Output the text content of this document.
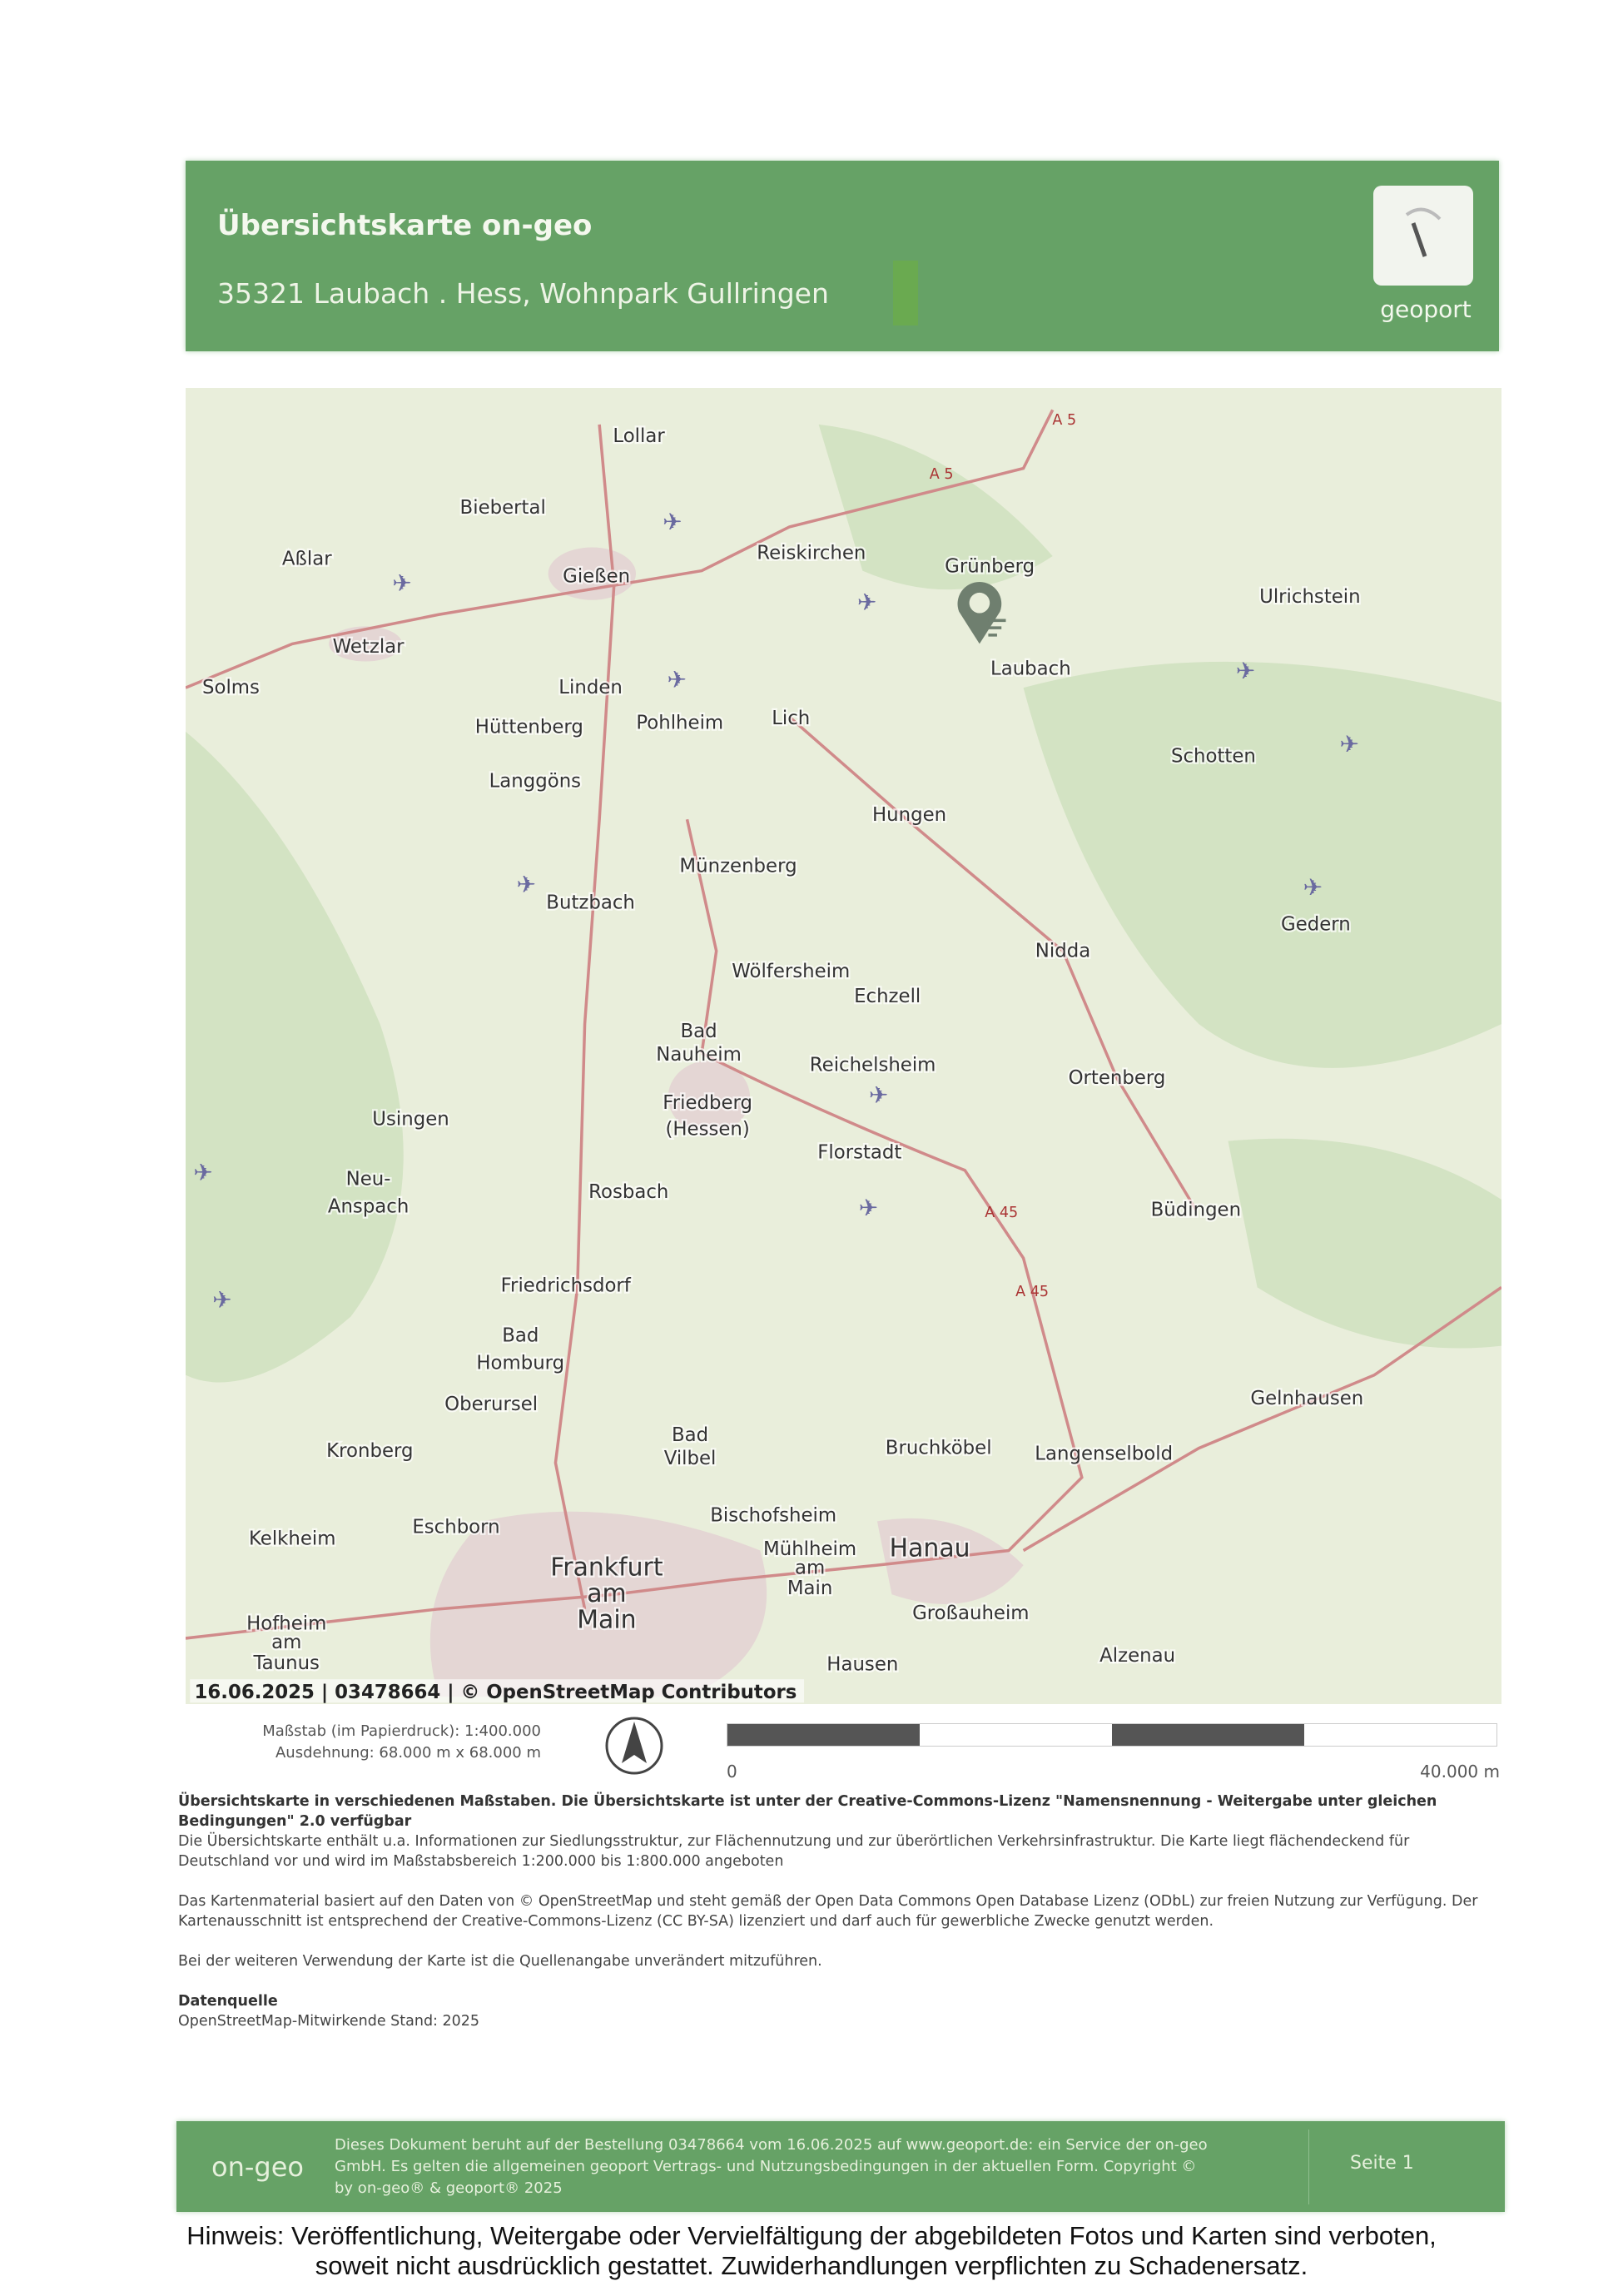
Übersichtskarte on-geo
35321 Laubach . Hess, Wohnpark Gullringen	geoport
A 5
A 5
A 45
A 45
✈
✈
✈
✈	✈
✈
✈	✈
✈
✈
✈
✈
Biebertal
Aßlar
Gießen
Reiskirchen
Grünberg
Ulrichstein
Wetzlar
Solms	Linden
Laubach
Hüttenberg	Pohlheim	Lich
Schotten
Langgöns
Hungen
Münzenberg
Gedern
Butzbach
Nidda
Wölfersheim
Echzell
Bad
Nauheim	Reichelsheim
Ortenberg
Friedberg
(Hessen)
Usingen
Florstadt
Neu-
Anspach
Rosbach
Büdingen
Friedrichsdorf
Bad
Homburg
Oberursel	Gelnhausen
Kronberg
Bad
Vilbel	Bruchköbel	Langenselbold
Bischofsheim
Kelkheim
Eschborn
Mühlheim
am
Main
Hanau
Frankfurt
am
Main	Großauheim
Hofheim
am
Taunus	Alzenau
Hausen
Lollar
16.06.2025 | 03478664 | © OpenStreetMap Contributors
Maßstab (im Papierdruck): 1:400.000
Ausdehnung: 68.000 m x 68.000 m
0	40.000 m

Übersichtskarte in verschiedenen Maßstaben. Die Übersichtskarte ist unter der Creative-Commons-Lizenz "Namensnennung - Weitergabe unter gleichen Bedingungen" 2.0 verfügbar
Die Übersichtskarte enthält u.a. Informationen zur Siedlungsstruktur, zur Flächennutzung und zur überörtlichen Verkehrsinfrastruktur. Die Karte liegt flächendeckend für Deutschland vor und wird im Maßstabsbereich 1:200.000 bis 1:800.000 angeboten

Das Kartenmaterial basiert auf den Daten von © OpenStreetMap und steht gemäß der Open Data Commons Open Database Lizenz (ODbL) zur freien Nutzung zur Verfügung. Der Kartenausschnitt ist entsprechend der Creative-Commons-Lizenz (CC BY-SA) lizenziert und darf auch für gewerbliche Zwecke genutzt werden.

Bei der weiteren Verwendung der Karte ist die Quellenangabe unverändert mitzuführen.

Datenquelle
OpenStreetMap-Mitwirkende Stand: 2025

on-geo
Dieses Dokument beruht auf der Bestellung 03478664 vom 16.06.2025 auf www.geoport.de: ein Service der on-geo GmbH. Es gelten die allgemeinen geoport Vertrags- und Nutzungsbedingungen in der aktuellen Form. Copyright © by on-geo® & geoport® 2025
Seite 1
Hinweis: Veröffentlichung, Weitergabe oder Vervielfältigung der abgebildeten Fotos und Karten sind verboten,
soweit nicht ausdrücklich gestattet. Zuwiderhandlungen verpflichten zu Schadenersatz.
